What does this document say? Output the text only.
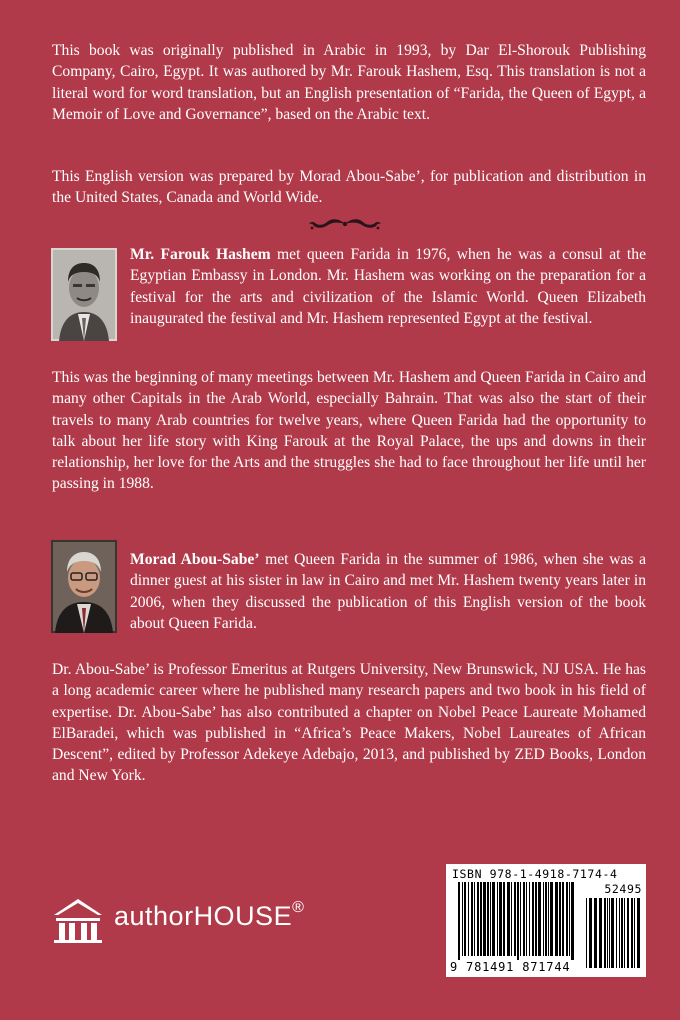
This book was originally published in Arabic in 1993, by Dar El-Shorouk Publishing Company, Cairo, Egypt. It was authored by Mr. Farouk Hashem, Esq. This translation is not a literal word for word translation, but an English presentation of “Farida, the Queen of Egypt, a Memoir of Love and Governance”, based on the Arabic text.

This English version was prepared by Morad Abou-Sabe’, for publication and distribution in the United States, Canada and World Wide.

Mr. Farouk Hashem met queen Farida in 1976, when he was a consul at the Egyptian Embassy in London. Mr. Hashem was working on the preparation for a festival for the arts and civilization of the Islamic World. Queen Elizabeth inaugurated the festival and Mr. Hashem represented Egypt at the festival.

This was the beginning of many meetings between Mr. Hashem and Queen Farida in Cairo and many other Capitals in the Arab World, especially Bahrain. That was also the start of their travels to many Arab countries for twelve years, where Queen Farida had the opportunity to talk about her life story with King Farouk at the Royal Palace, the ups and downs in their relationship, her love for the Arts and the struggles she had to face throughout her life until her passing in 1988.

Morad Abou-Sabe’ met Queen Farida in the summer of 1986, when she was a dinner guest at his sister in law in Cairo and met Mr. Hashem twenty years later in 2006, when they discussed the publication of this English version of the book about Queen Farida.

Dr. Abou-Sabe’ is Professor Emeritus at Rutgers University, New Brunswick, NJ USA. He has a long academic career where he published many research papers and two book in his field of expertise. Dr. Abou-Sabe’ has also contributed a chapter on Nobel Peace Laureate Mohamed ElBaradei, which was published in “Africa’s Peace Makers, Nobel Laureates of African Descent”, edited by Professor Adekeye Adebajo, 2013, and published by ZED Books, London and New York.

authorHOUSE®
ISBN 978-1-4918-7174-4
52495
9 781491 871744
